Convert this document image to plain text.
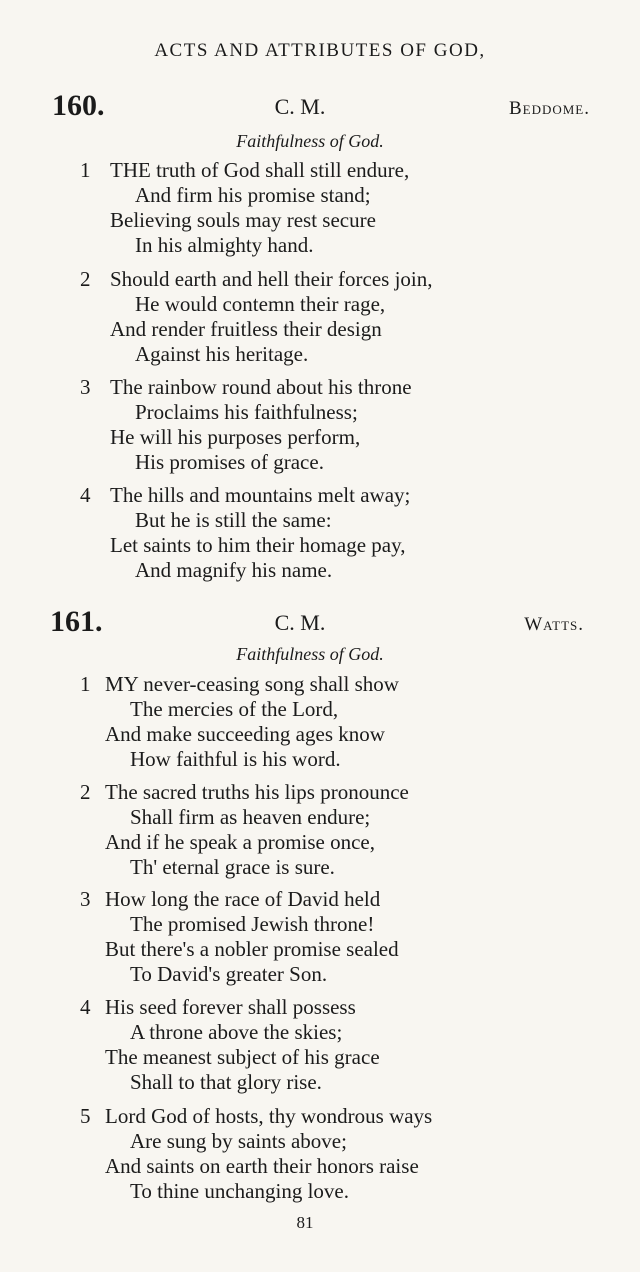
ACTS AND ATTRIBUTES OF GOD,
160.	C. M.	Beddome.
Faithfulness of God.
1 THE truth of God shall still endure,
And firm his promise stand;
Believing souls may rest secure
In his almighty hand.
2 Should earth and hell their forces join,
He would contemn their rage,
And render fruitless their design
Against his heritage.
3 The rainbow round about his throne
Proclaims his faithfulness;
He will his purposes perform,
His promises of grace.
4 The hills and mountains melt away;
But he is still the same:
Let saints to him their homage pay,
And magnify his name.
161.	C. M.	Watts.
Faithfulness of God.
1 MY never-ceasing song shall show
The mercies of the Lord,
And make succeeding ages know
How faithful is his word.
2 The sacred truths his lips pronounce
Shall firm as heaven endure;
And if he speak a promise once,
Th' eternal grace is sure.
3 How long the race of David held
The promised Jewish throne!
But there's a nobler promise sealed
To David's greater Son.
4 His seed forever shall possess
A throne above the skies;
The meanest subject of his grace
Shall to that glory rise.
5 Lord God of hosts, thy wondrous ways
Are sung by saints above;
And saints on earth their honors raise
To thine unchanging love.
81
